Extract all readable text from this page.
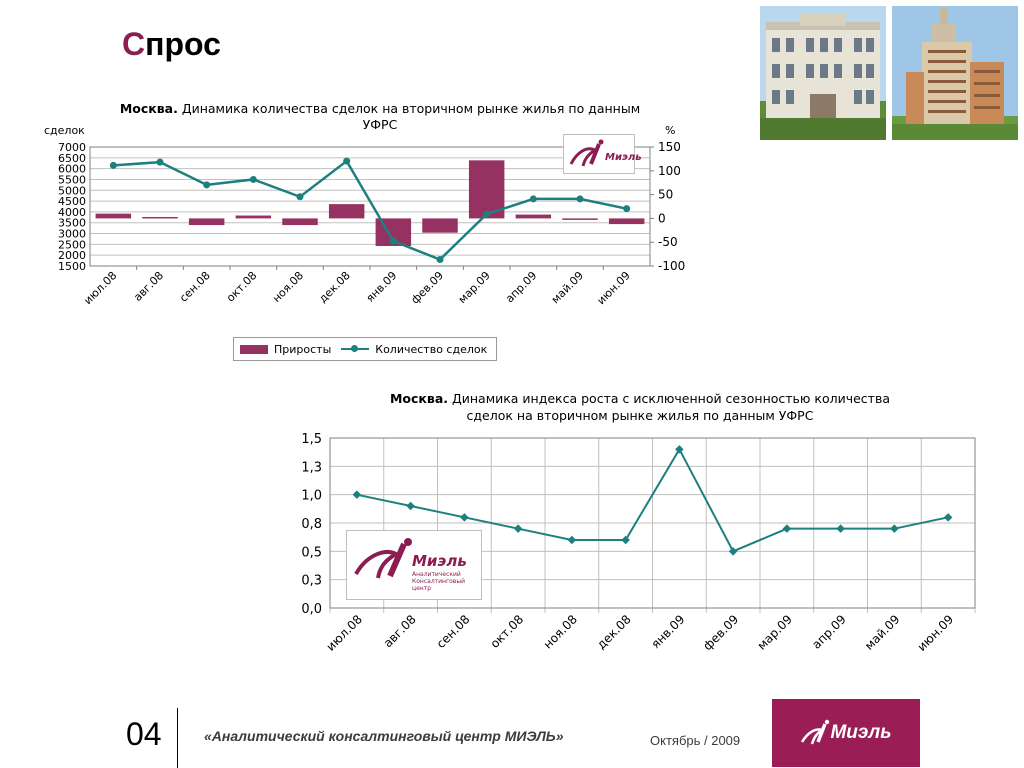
Спрос
Москва. Динамика количества сделок на вторичном рынке жилья по данным
УФРС
сделок	%
7000
6500
6000
5500
5000
4500
4000
3500
3000
2500
2000
1500
150
100
50
0
-50
-100
июл.08 авг.08 сен.08 окт.08 ноя.08 дек.08 янв.09 фев.09 мар.09 апр.09 май.09 июн.09
Миэль
Приросты	Количество сделок
Москва. Динамика индекса роста с исключенной сезонностью количества
сделок на вторичном рынке жилья по данным УФРС
1,5
1,3
1,0
0,8
0,5
0,3
0,0
июл.08 авг.08 сен.08 окт.08 ноя.08 дек.08 янв.09 фев.09 мар.09 апр.09 май.09 июн.09
Миэль
Аналитический
Консалтинговый
центр
04	«Аналитический консалтинговый центр МИЭЛЬ»	Октябрь / 2009	Миэль
